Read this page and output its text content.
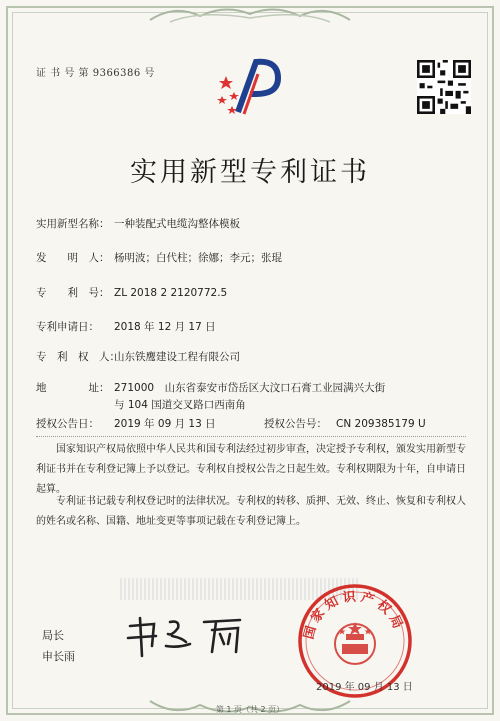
证 书 号 第 9366386 号
实用新型专利证书
实用新型名称： 一种装配式电缆沟整体模板
发　　明　人： 杨明波；白代柱；徐娜；李元；张琨
专　　利　号： ZL 2018 2 2120772.5
专利申请日： 2018 年 12 月 17 日
专　利　权　人：山东铁鹰建设工程有限公司
地　　　　址： 271000　山东省泰安市岱岳区大汶口石膏工业园满兴大街
与 104 国道交叉路口西南角
授权公告日： 2019 年 09 月 13 日	授权公告号： CN 209385179 U
国家知识产权局依照中华人民共和国专利法经过初步审查，决定授予专利权，颁发实用新型专利证书并在专利登记簿上予以登记。专利权自授权公告之日起生效。专利权期限为十年，自申请日起算。
专利证书记载专利权登记时的法律状况。专利权的转移、质押、无效、终止、恢复和专利权人的姓名或名称、国籍、地址变更等事项记载在专利登记簿上。
局长
申长雨
国家知识产权局
2019 年 09 月 13 日
第 1 页（共 2 页）
